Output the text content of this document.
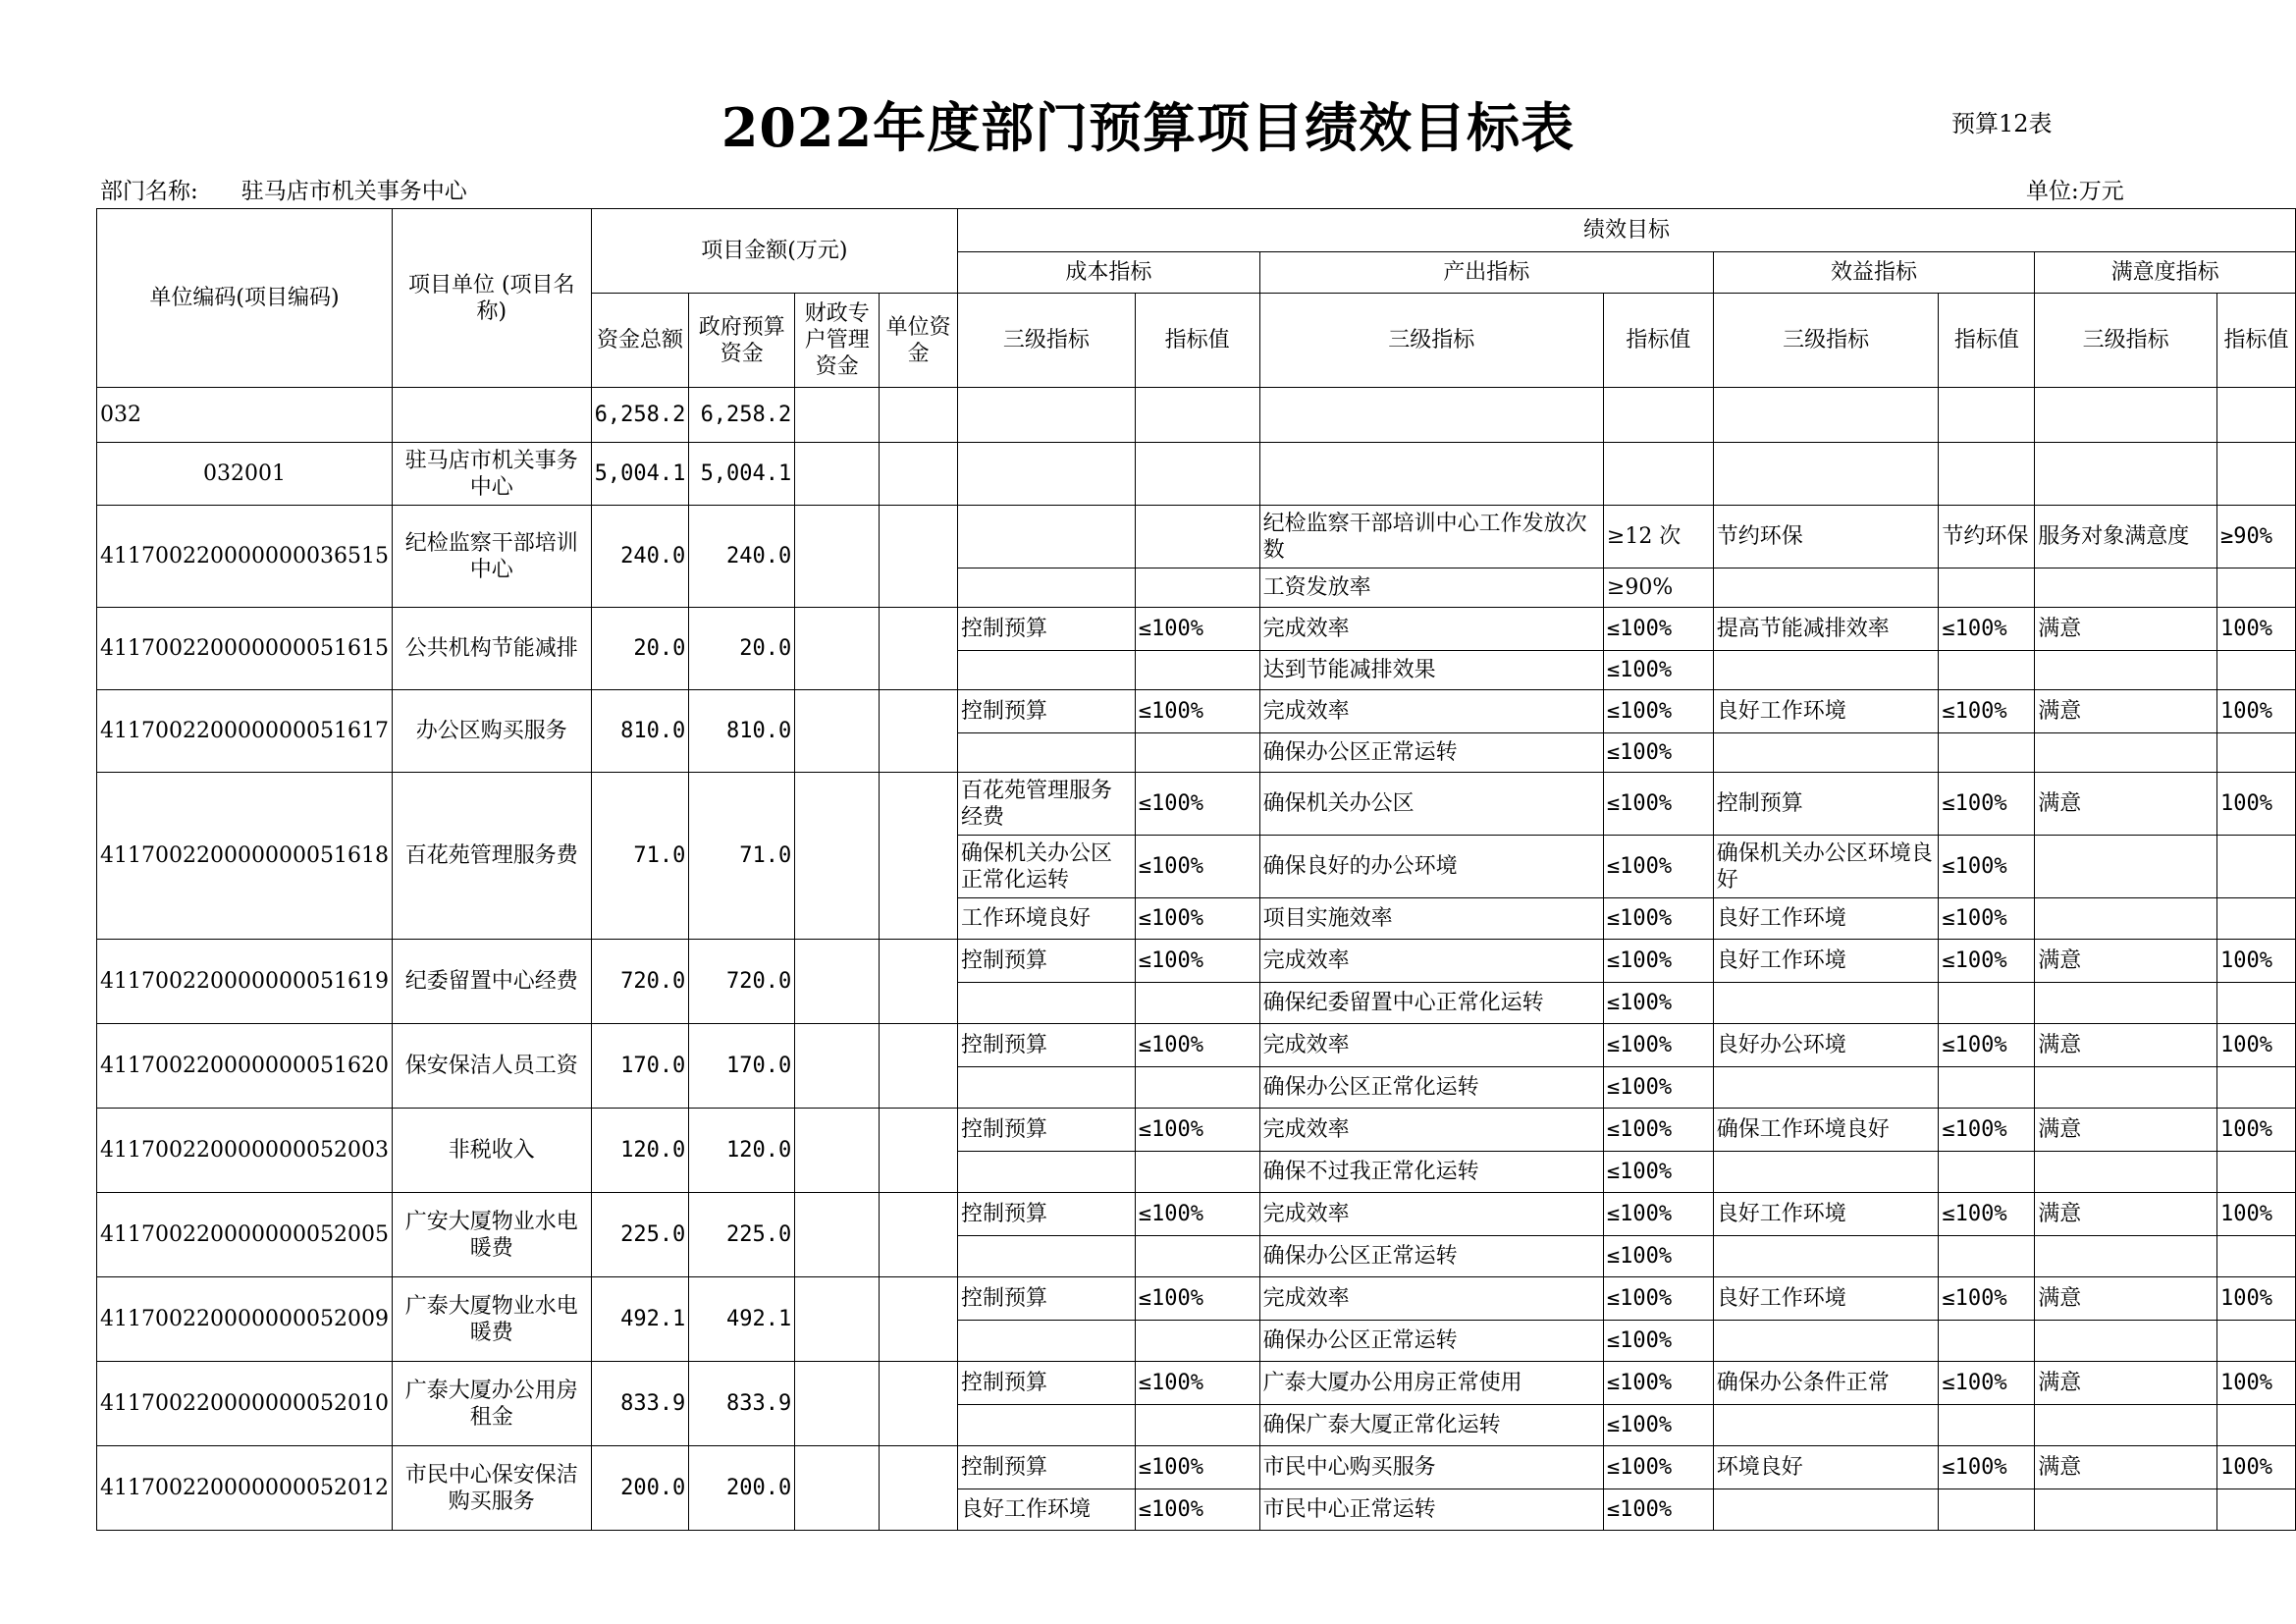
2022年度部门预算项目绩效目标表	预算12表
部门名称: 驻马店市机关事务中心	单位:万元
单位编码(项目编码)	项目单位 (项目名称)	项目金额(万元)				绩效目标							
						成本指标		产出指标		效益指标		满意度指标	
		资金总额	政府预算资金	财政专户管理资金	单位资金	三级指标	指标值	三级指标	指标值	三级指标	指标值	三级指标	指标值
032		6,258.2	6,258.2										
032001	驻马店市机关事务中心	5,004.1	5,004.1										
411700220000000036515	纪检监察干部培训中心	240.0	240.0					纪检监察干部培训中心工作发放次数	≥12 次	节约环保	节约环保	服务对象满意度	≥90%
								工资发放率	≥90%				
411700220000000051615	公共机构节能减排	20.0	20.0			控制预算	≤100%	完成效率	≤100%	提高节能减排效率	≤100%	满意	100%
								达到节能减排效果	≤100%				
411700220000000051617	办公区购买服务	810.0	810.0			控制预算	≤100%	完成效率	≤100%	良好工作环境	≤100%	满意	100%
								确保办公区正常运转	≤100%				
411700220000000051618	百花苑管理服务费	71.0	71.0			百花苑管理服务经费	≤100%	确保机关办公区	≤100%	控制预算	≤100%	满意	100%
						确保机关办公区正常化运转	≤100%	确保良好的办公环境	≤100%	确保机关办公区环境良好	≤100%		
						工作环境良好	≤100%	项目实施效率	≤100%	良好工作环境	≤100%		
411700220000000051619	纪委留置中心经费	720.0	720.0			控制预算	≤100%	完成效率	≤100%	良好工作环境	≤100%	满意	100%
								确保纪委留置中心正常化运转	≤100%				
411700220000000051620	保安保洁人员工资	170.0	170.0			控制预算	≤100%	完成效率	≤100%	良好办公环境	≤100%	满意	100%
								确保办公区正常化运转	≤100%				
411700220000000052003	非税收入	120.0	120.0			控制预算	≤100%	完成效率	≤100%	确保工作环境良好	≤100%	满意	100%
								确保不过我正常化运转	≤100%				
411700220000000052005	广安大厦物业水电暖费	225.0	225.0			控制预算	≤100%	完成效率	≤100%	良好工作环境	≤100%	满意	100%
								确保办公区正常运转	≤100%				
411700220000000052009	广泰大厦物业水电暖费	492.1	492.1			控制预算	≤100%	完成效率	≤100%	良好工作环境	≤100%	满意	100%
								确保办公区正常运转	≤100%				
411700220000000052010	广泰大厦办公用房租金	833.9	833.9			控制预算	≤100%	广泰大厦办公用房正常使用	≤100%	确保办公条件正常	≤100%	满意	100%
								确保广泰大厦正常化运转	≤100%				
411700220000000052012	市民中心保安保洁购买服务	200.0	200.0			控制预算	≤100%	市民中心购买服务	≤100%	环境良好	≤100%	满意	100%
						良好工作环境	≤100%	市民中心正常运转	≤100%				
